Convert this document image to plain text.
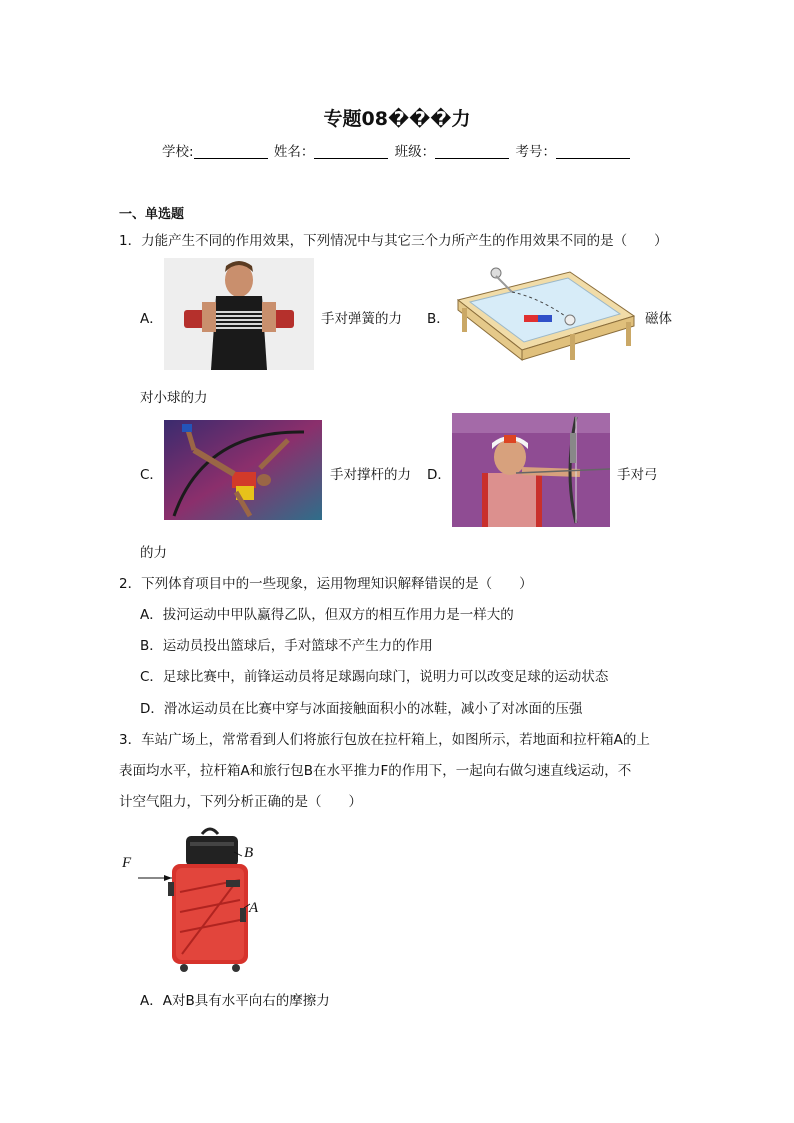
专题08���力
学校:	姓名：	班级：	考号：
一、单选题
1．力能产生不同的作用效果，下列情况中与其它三个力所产生的作用效果不同的是（　　）
A．	手对弹簧的力 B．	磁体
对小球的力
C．	手对撑杆的力 D．	手对弓
的力
2．下列体育项目中的一些现象，运用物理知识解释错误的是（　　）
A．拔河运动中甲队赢得乙队，但双方的相互作用力是一样大的
B．运动员投出篮球后，手对篮球不产生力的作用
C．足球比赛中，前锋运动员将足球踢向球门，说明力可以改变足球的运动状态
D．滑冰运动员在比赛中穿与冰面接触面积小的冰鞋，减小了对冰面的压强
3．车站广场上，常常看到人们将旅行包放在拉杆箱上，如图所示，若地面和拉杆箱A的上
表面均水平，拉杆箱A和旅行包B在水平推力F的作用下，一起向右做匀速直线运动，不
计空气阻力，下列分析正确的是（　　）
F
B
A
A．A对B具有水平向右的摩擦力
